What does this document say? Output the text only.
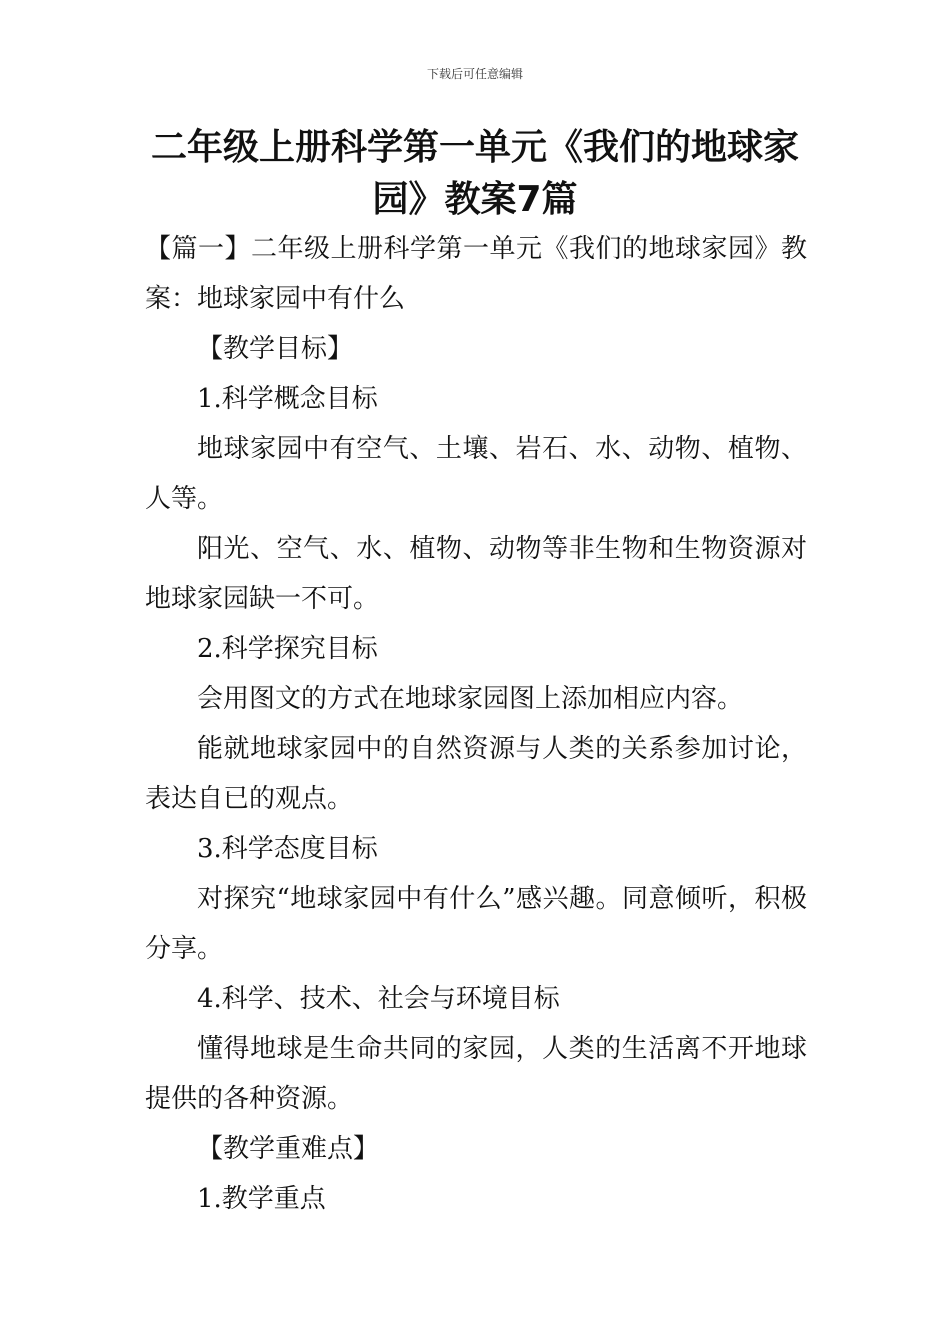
下载后可任意编辑
二年级上册科学第一单元《我们的地球家园》教案7篇

【篇一】二年级上册科学第一单元《我们的地球家园》教案：地球家园中有什么

【教学目标】

1.科学概念目标

地球家园中有空气、土壤、岩石、水、动物、植物、人等。

阳光、空气、水、植物、动物等非生物和生物资源对地球家园缺一不可。

2.科学探究目标

会用图文的方式在地球家园图上添加相应内容。

能就地球家园中的自然资源与人类的关系参加讨论，表达自已的观点。

3.科学态度目标

对探究“地球家园中有什么”感兴趣。同意倾听，积极分享。

4.科学、技术、社会与环境目标

懂得地球是生命共同的家园，人类的生活离不开地球提供的各种资源。

【教学重难点】

1.教学重点
